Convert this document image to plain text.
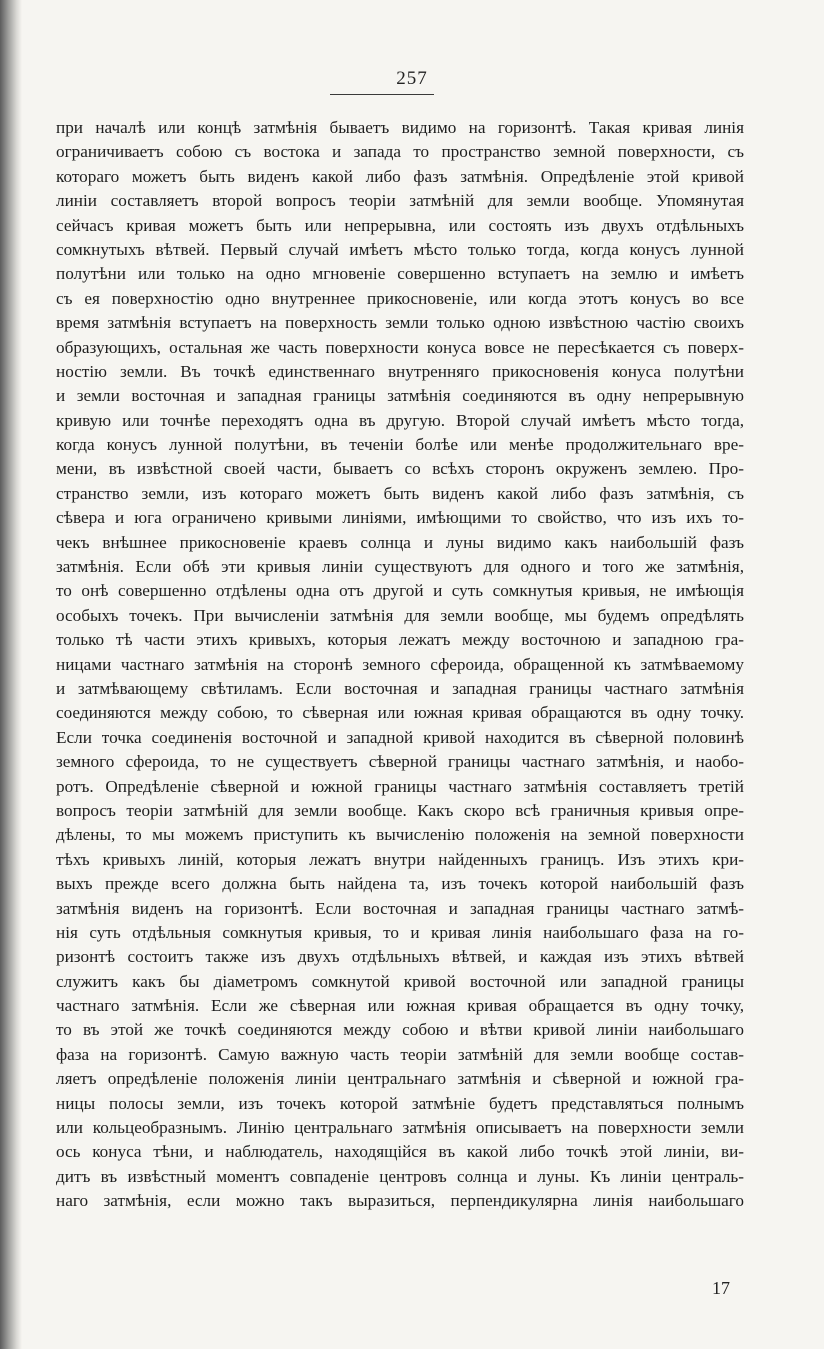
257
при началѣ или концѣ затмѣнія бываетъ видимо на горизонтѣ. Такая кривая линія
ограничиваетъ собою съ востока и запада то пространство земной поверхности, съ
котораго можетъ быть виденъ какой либо фазъ затмѣнія. Опредѣленіе этой кривой
линіи составляетъ второй вопросъ теоріи затмѣній для земли вообще. Упомянутая
сейчасъ кривая можетъ быть или непрерывна, или состоять изъ двухъ отдѣльныхъ
сомкнутыхъ вѣтвей. Первый случай имѣетъ мѣсто только тогда, когда конусъ лунной
полутѣни или только на одно мгновеніе совершенно вступаетъ на землю и имѣетъ
съ ея поверхностію одно внутреннее прикосновеніе, или когда этотъ конусъ во все
время затмѣнія вступаетъ на поверхность земли только одною извѣстною частію своихъ
образующихъ, остальная же часть поверхности конуса вовсе не пересѣкается съ поверх-
ностію земли. Въ точкѣ единственнаго внутренняго прикосновенія конуса полутѣни
и земли восточная и западная границы затмѣнія соединяются въ одну непрерывную
кривую или точнѣе переходятъ одна въ другую. Второй случай имѣетъ мѣсто тогда,
когда конусъ лунной полутѣни, въ теченіи болѣе или менѣе продолжительнаго вре-
мени, въ извѣстной своей части, бываетъ со всѣхъ сторонъ окруженъ землею. Про-
странство земли, изъ котораго можетъ быть виденъ какой либо фазъ затмѣнія, съ
сѣвера и юга ограничено кривыми линіями, имѣющими то свойство, что изъ ихъ то-
чекъ внѣшнее прикосновеніе краевъ солнца и луны видимо какъ наибольшій фазъ
затмѣнія. Если обѣ эти кривыя линіи существуютъ для одного и того же затмѣнія,
то онѣ совершенно отдѣлены одна отъ другой и суть сомкнутыя кривыя, не имѣющія
особыхъ точекъ. При вычисленіи затмѣнія для земли вообще, мы будемъ опредѣлять
только тѣ части этихъ кривыхъ, которыя лежатъ между восточною и западною гра-
ницами частнаго затмѣнія на сторонѣ земного сфероида, обращенной къ затмѣваемому
и затмѣвающему свѣтиламъ. Если восточная и западная границы частнаго затмѣнія
соединяются между собою, то сѣверная или южная кривая обращаются въ одну точку.
Если точка соединенія восточной и западной кривой находится въ сѣверной половинѣ
земного сфероида, то не существуетъ сѣверной границы частнаго затмѣнія, и наобо-
ротъ. Опредѣленіе сѣверной и южной границы частнаго затмѣнія составляетъ третій
вопросъ теоріи затмѣній для земли вообще. Какъ скоро всѣ граничныя кривыя опре-
дѣлены, то мы можемъ приступить къ вычисленію положенія на земной поверхности
тѣхъ кривыхъ линій, которыя лежатъ внутри найденныхъ границъ. Изъ этихъ кри-
выхъ прежде всего должна быть найдена та, изъ точекъ которой наибольшій фазъ
затмѣнія виденъ на горизонтѣ. Если восточная и западная границы частнаго затмѣ-
нія суть отдѣльныя сомкнутыя кривыя, то и кривая линія наибольшаго фаза на го-
ризонтѣ состоитъ также изъ двухъ отдѣльныхъ вѣтвей, и каждая изъ этихъ вѣтвей
служитъ какъ бы діаметромъ сомкнутой кривой восточной или западной границы
частнаго затмѣнія. Если же сѣверная или южная кривая обращается въ одну точку,
то въ этой же точкѣ соединяются между собою и вѣтви кривой линіи наибольшаго
фаза на горизонтѣ. Самую важную часть теоріи затмѣній для земли вообще состав-
ляетъ опредѣленіе положенія линіи центральнаго затмѣнія и сѣверной и южной гра-
ницы полосы земли, изъ точекъ которой затмѣніе будетъ представляться полнымъ
или кольцеобразнымъ. Линію центральнаго затмѣнія описываетъ на поверхности земли
ось конуса тѣни, и наблюдатель, находящійся въ какой либо точкѣ этой линіи, ви-
дитъ въ извѣстный моментъ совпаденіе центровъ солнца и луны. Къ линіи централь-
наго затмѣнія, если можно такъ выразиться, перпендикулярна линія наибольшаго
17
